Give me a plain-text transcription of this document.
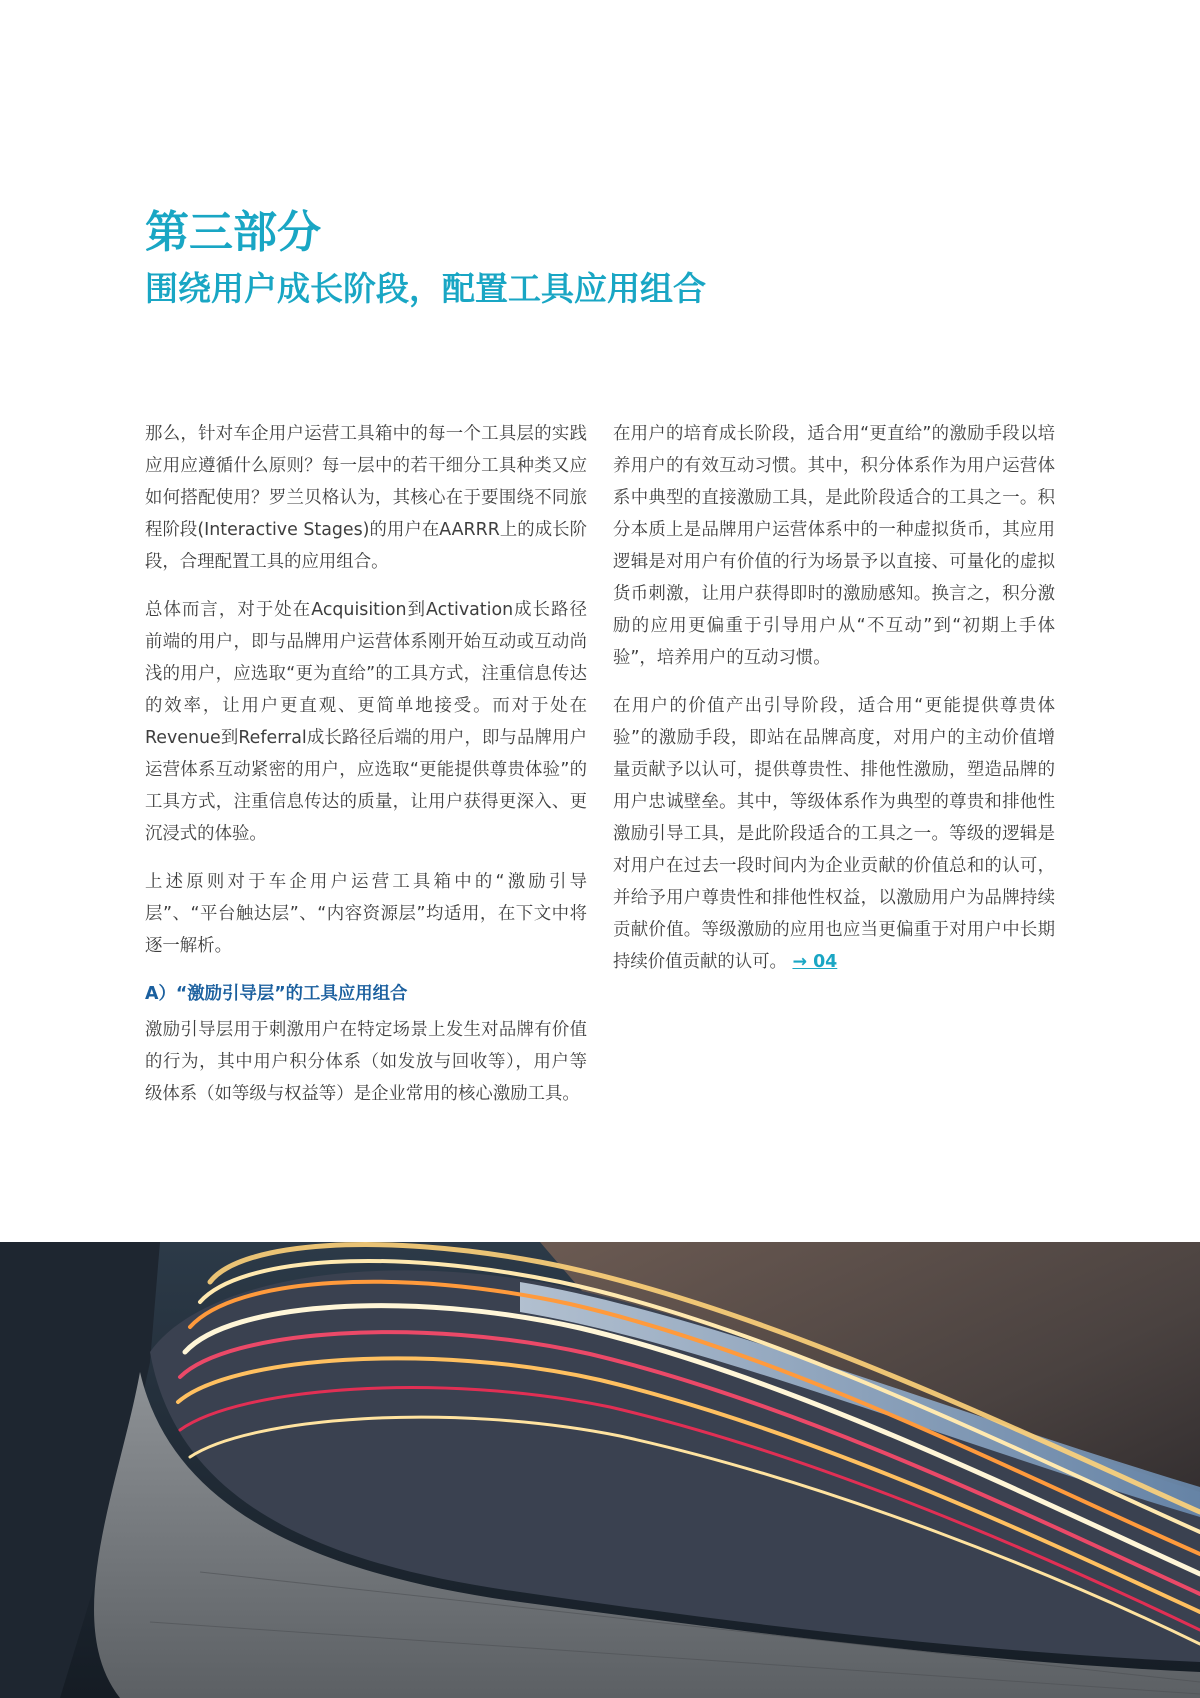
第三部分
围绕用户成长阶段，配置工具应用组合

那么，针对车企用户运营工具箱中的每一个工具层的实践应用应遵循什么原则？每一层中的若干细分工具种类又应如何搭配使用？罗兰贝格认为，其核心在于要围绕不同旅程阶段(Interactive Stages)的用户在AARRR上的成长阶段，合理配置工具的应用组合。

总体而言，对于处在Acquisition到Activation成长路径前端的用户，即与品牌用户运营体系刚开始互动或互动尚浅的用户，应选取“更为直给”的工具方式，注重信息传达的效率，让用户更直观、更简单地接受。而对于处在Revenue到Referral成长路径后端的用户，即与品牌用户运营体系互动紧密的用户，应选取“更能提供尊贵体验”的工具方式，注重信息传达的质量，让用户获得更深入、更沉浸式的体验。

上述原则对于车企用户运营工具箱中的“激励引导层”、“平台触达层”、“内容资源层”均适用，在下文中将逐一解析。

A）“激励引导层”的工具应用组合

激励引导层用于刺激用户在特定场景上发生对品牌有价值的行为，其中用户积分体系（如发放与回收等），用户等级体系（如等级与权益等）是企业常用的核心激励工具。

在用户的培育成长阶段，适合用“更直给”的激励手段以培养用户的有效互动习惯。其中，积分体系作为用户运营体系中典型的直接激励工具，是此阶段适合的工具之一。积分本质上是品牌用户运营体系中的一种虚拟货币，其应用逻辑是对用户有价值的行为场景予以直接、可量化的虚拟货币刺激，让用户获得即时的激励感知。换言之，积分激励的应用更偏重于引导用户从“不互动”到“初期上手体验”，培养用户的互动习惯。

在用户的价值产出引导阶段，适合用“更能提供尊贵体验”的激励手段，即站在品牌高度，对用户的主动价值增量贡献予以认可，提供尊贵性、排他性激励，塑造品牌的用户忠诚壁垒。其中，等级体系作为典型的尊贵和排他性激励引导工具，是此阶段适合的工具之一。等级的逻辑是对用户在过去一段时间内为企业贡献的价值总和的认可，并给予用户尊贵性和排他性权益，以激励用户为品牌持续贡献价值。等级激励的应用也应当更偏重于对用户中长期持续价值贡献的认可。 → 04
